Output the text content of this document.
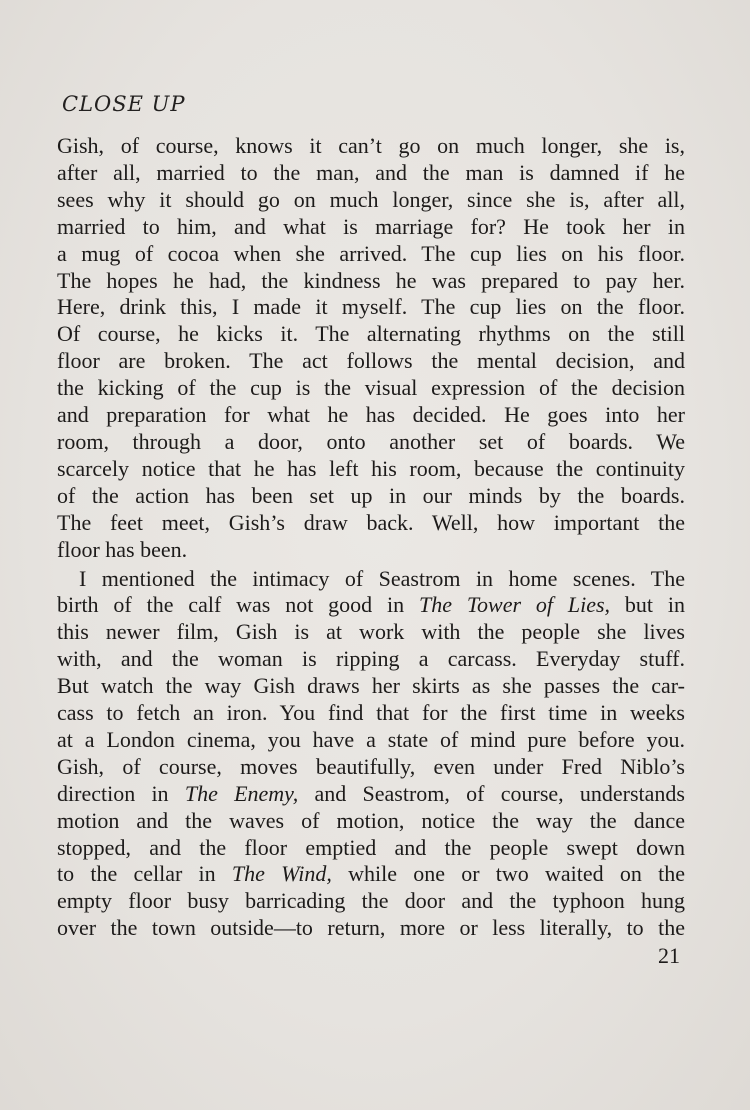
CLOSE UP

Gish, of course, knows it can’t go on much longer, she is,
after all, married to the man, and the man is damned if he
sees why it should go on much longer, since she is, after all,
married to him, and what is marriage for? He took her in
a mug of cocoa when she arrived. The cup lies on his floor.
The hopes he had, the kindness he was prepared to pay her.
Here, drink this, I made it myself. The cup lies on the floor.
Of course, he kicks it. The alternating rhythms on the still
floor are broken. The act follows the mental decision, and
the kicking of the cup is the visual expression of the decision
and preparation for what he has decided. He goes into her
room, through a door, onto another set of boards. We
scarcely notice that he has left his room, because the continuity
of the action has been set up in our minds by the boards.
The feet meet, Gish’s draw back. Well, how important the
floor has been.

I mentioned the intimacy of Seastrom in home scenes. The
birth of the calf was not good in The Tower of Lies, but in
this newer film, Gish is at work with the people she lives
with, and the woman is ripping a carcass. Everyday stuff.
But watch the way Gish draws her skirts as she passes the car-
cass to fetch an iron. You find that for the first time in weeks
at a London cinema, you have a state of mind pure before you.
Gish, of course, moves beautifully, even under Fred Niblo’s
direction in The Enemy, and Seastrom, of course, understands
motion and the waves of motion, notice the way the dance
stopped, and the floor emptied and the people swept down
to the cellar in The Wind, while one or two waited on the
empty floor busy barricading the door and the typhoon hung
over the town outside—to return, more or less literally, to the

21
